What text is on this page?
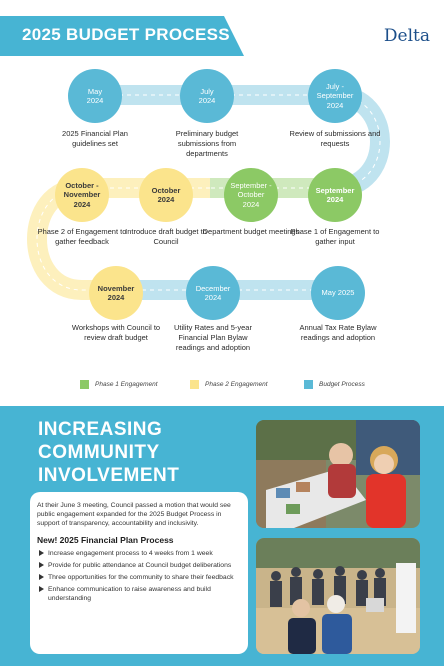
2025 BUDGET PROCESS	Delta
May
2024
2025 Financial Plan guidelines set
July
2024
Preliminary budget submissions from departments
July -
September
2024
Review of submissions and requests
October -
November
2024
Phase 2 of Engagement to gather feedback
October
2024
Introduce draft budget to Council
September -
October
2024
Department budget meetings
September
2024
Phase 1 of Engagement to gather input
November
2024
Workshops with Council to review draft budget
December
2024
Utility Rates and 5-year Financial Plan Bylaw readings and adoption
May 2025
Annual Tax Rate Bylaw readings and adoption
Phase 1 Engagement	Phase 2 Engagement	Budget Process
INCREASING
COMMUNITY
INVOLVEMENT

At their June 3 meeting, Council passed a motion that would see public engagement expanded for the 2025 Budget Process in support of transparency, accountability and inclusivity.

New! 2025 Financial Plan Process
Increase engagement process to 4 weeks from 1 week
Provide for public attendance at Council budget deliberations
Three opportunities for the community to share their feedback
Enhance communication to raise awareness and build understanding
